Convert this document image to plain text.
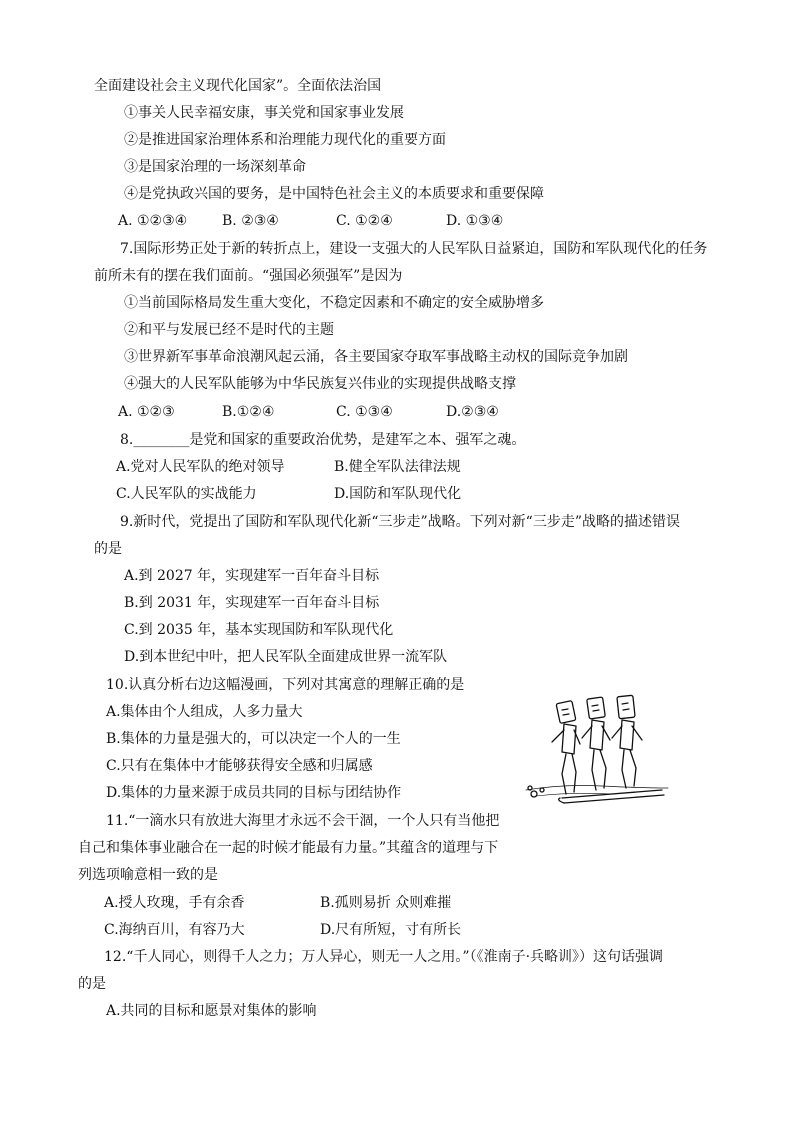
全面建设社会主义现代化国家”。全面依法治国
①事关人民幸福安康，事关党和国家事业发展
②是推进国家治理体系和治理能力现代化的重要方面
③是国家治理的一场深刻革命
④是党执政兴国的要务，是中国特色社会主义的本质要求和重要保障
A. ①②③④ B. ②③④	C. ①②④	D. ①③④
7.国际形势正处于新的转折点上，建设一支强大的人民军队日益紧迫，国防和军队现代化的任务
前所未有的摆在我们面前。“强国必须强军”是因为
①当前国际格局发生重大变化，不稳定因素和不确定的安全威胁增多
②和平与发展已经不是时代的主题
③世界新军事革命浪潮风起云涌，各主要国家夺取军事战略主动权的国际竞争加剧
④强大的人民军队能够为中华民族复兴伟业的实现提供战略支撑
A. ①②③	B.①②④	C. ①③④	D.②③④
8.________是党和国家的重要政治优势，是建军之本、强军之魂。
A.党对人民军队的绝对领导	B.健全军队法律法规
C.人民军队的实战能力	D.国防和军队现代化
9.新时代，党提出了国防和军队现代化新“三步走”战略。下列对新“三步走”战略的描述错误
的是
A.到 2027 年，实现建军一百年奋斗目标
B.到 2031 年，实现建军一百年奋斗目标
C.到 2035 年，基本实现国防和军队现代化
D.到本世纪中叶，把人民军队全面建成世界一流军队
10.认真分析右边这幅漫画，下列对其寓意的理解正确的是
A.集体由个人组成，人多力量大
B.集体的力量是强大的，可以决定一个人的一生
C.只有在集体中才能够获得安全感和归属感
D.集体的力量来源于成员共同的目标与团结协作
11.“一滴水只有放进大海里才永远不会干涸，一个人只有当他把
自己和集体事业融合在一起的时候才能最有力量。”其蕴含的道理与下
列选项喻意相一致的是
A.授人玫瑰，手有余香	B.孤则易折 众则难摧
C.海纳百川，有容乃大	D.尺有所短，寸有所长
12.“千人同心，则得千人之力；万人异心，则无一人之用。”（《淮南子·兵略训》）这句话强调
的是
A.共同的目标和愿景对集体的影响
